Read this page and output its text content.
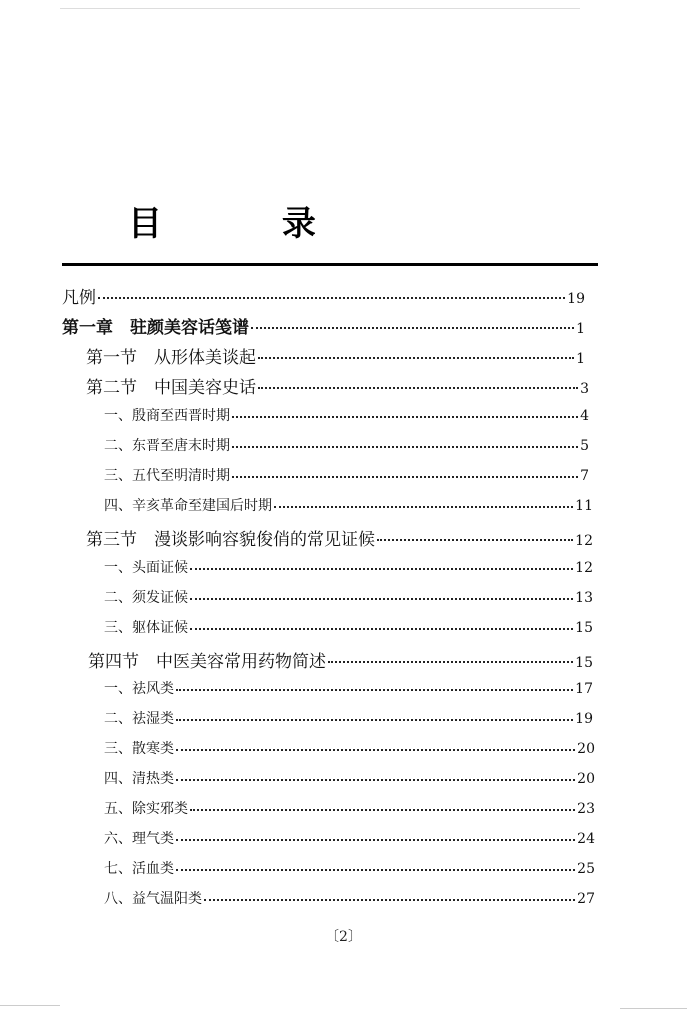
目 录
凡例	19
第一章　驻颜美容话笺谱	1
第一节　从形体美谈起	1
第二节　中国美容史话	3
一、殷商至西晋时期	4
二、东晋至唐末时期	5
三、五代至明清时期	7
四、辛亥革命至建国后时期	11
第三节　漫谈影响容貌俊俏的常见证候	12
一、头面证候	12
二、须发证候	13
三、躯体证候	15
第四节　中医美容常用药物简述	15
一、祛风类	17
二、祛湿类	19
三、散寒类	20
四、清热类	20
五、除实邪类	23
六、理气类	24
七、活血类	25
八、益气温阳类	27
〔2〕
